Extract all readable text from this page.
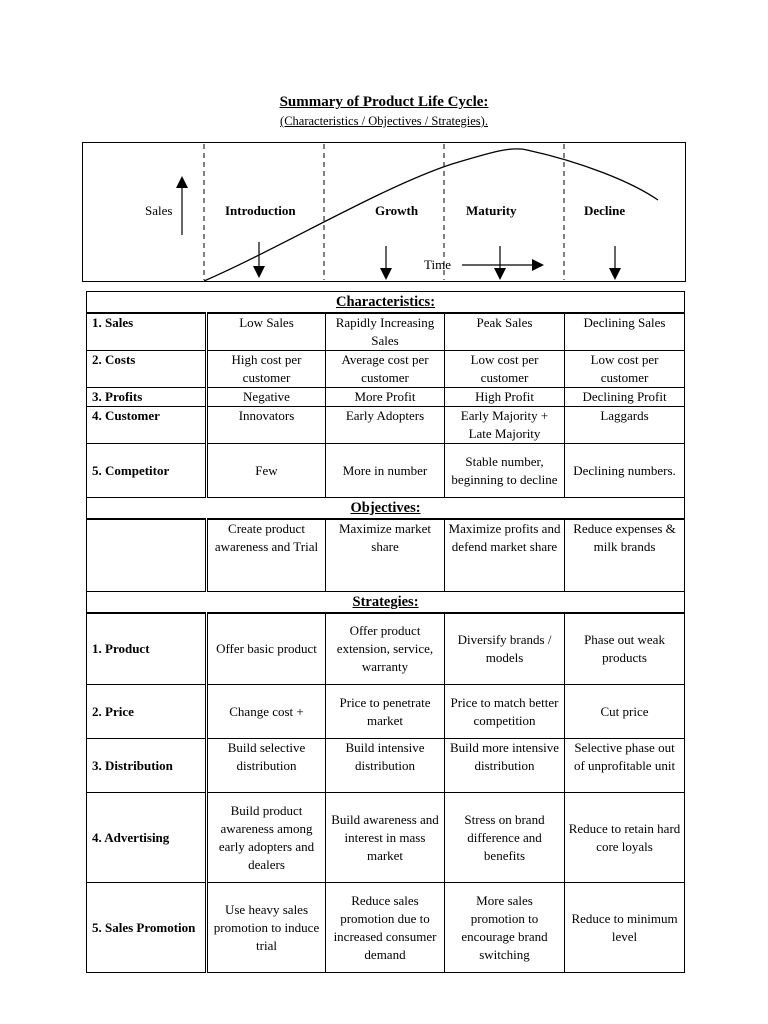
Summary of Product Life Cycle:
(Characteristics / Objectives / Strategies).
Sales	Introduction	Growth	Maturity	Decline
Time
Characteristics:				
1. Sales	Low Sales	Rapidly Increasing Sales	Peak Sales	Declining Sales
2. Costs	High cost per customer	Average cost per customer	Low cost per customer	Low cost per customer
3. Profits	Negative	More Profit	High Profit	Declining Profit
4. Customer	Innovators	Early Adopters	Early Majority + Late Majority	Laggards
5. Competitor	Few	More in number	Stable number, beginning to decline	Declining numbers.
Objectives:				
	Create product awareness and Trial	Maximize market share	Maximize profits and defend market share	Reduce expenses & milk brands
Strategies:				
1. Product	Offer basic product	Offer product extension, service, warranty	Diversify brands / models	Phase out weak products
2. Price	Change cost +	Price to penetrate market	Price to match better competition	Cut price
3. Distribution	Build selective distribution	Build intensive distribution	Build more intensive distribution	Selective phase out of unprofitable unit
4. Advertising	Build product awareness among early adopters and dealers	Build awareness and interest in mass market	Stress on brand difference and benefits	Reduce to retain hard core loyals
5. Sales Promotion	Use heavy sales promotion to induce trial	Reduce sales promotion due to increased consumer demand	More sales promotion to encourage brand switching	Reduce to minimum level
